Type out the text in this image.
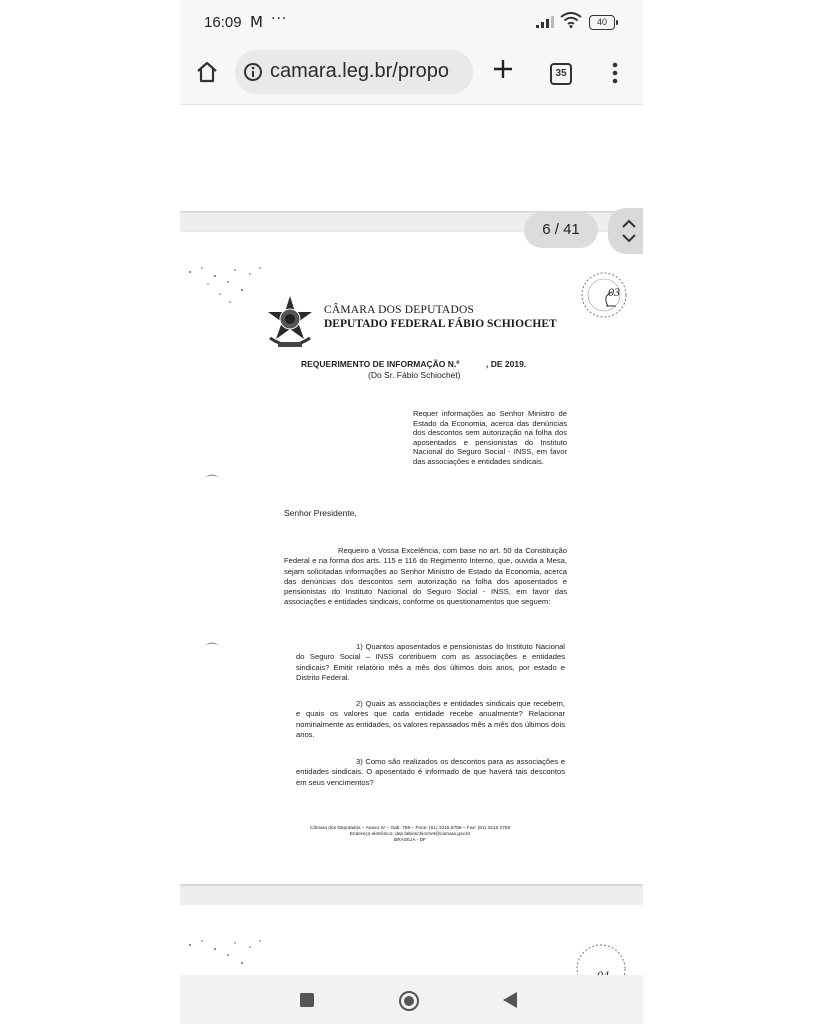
16:09 M ···	40
camara.leg.br/propo	35
CÂMARA DOS DEPUTADOS
DEPUTADO FEDERAL FÁBIO SCHIOCHET
03
REQUERIMENTO DE INFORMAÇÃO N.º	, DE 2019.
(Do Sr. Fábio Schiochet)
Requer informações ao Senhor Ministro de Estado da Economia, acerca das denúncias dos descontos sem autorização na folha dos aposentados e pensionistas do Instituto Nacional do Seguro Social - INSS, em favor das associações e entidades sindicais.
⌒
Senhor Presidente,
Requeiro a Vossa Excelência, com base no art. 50 da Constituição Federal e na forma dos arts. 115 e 116 do Regimento Interno, que, ouvida a Mesa, sejam solicitadas informações ao Senhor Ministro de Estado da Economia, acerca das denúncias dos descontos sem autorização na folha dos aposentados e pensionistas do Instituto Nacional do Seguro Social - INSS, em favor das associações e entidades sindicais, conforme os questionamentos que seguem:
⌒	1) Quantos aposentados e pensionistas do Instituto Nacional do Seguro Social – INSS contribuem com as associações e entidades sindicais? Emitir relatório mês a mês dos últimos dois anos, por estado e Distrito Federal.
2) Quais as associações e entidades sindicais que recebem, e quais os valores que cada entidade recebe anualmente? Relacionar nominalmente as entidades, os valores repassados mês a mês dos últimos dois anos.
3) Como são realizados os descontos para as associações e entidades sindicais. O aposentado é informado de que haverá tais descontos em seus vencimentos?
Câmara dos Deputados – Anexo IV – Gab. 758 – Fone: (61) 3215.5758 – Fax: (61) 3215 2758
Endereço eletrônico: dep.fabioschiochet@camara.gov.br
BRASÍLIA - DF
6 / 41
